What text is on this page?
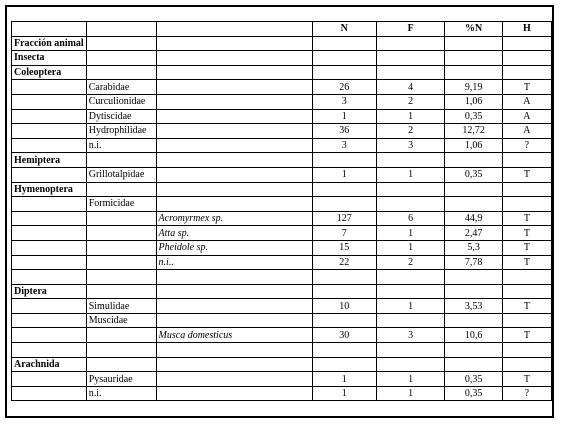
			N	F	%N	H
Fracción animal						
Insecta						
Coleoptera						
	Carabidae		26	4	9,19	T
	Curculionidae		3	2	1,06	A
	Dytiscidae		1	1	0,35	A
	Hydrophilidae		36	2	12,72	A
	n.i.		3	3	1,06	?
Hemiptera						
	Grillotalpidae		1	1	0,35	T
Hymenoptera						
	Formicidae					
		Acromyrmex sp.	127	6	44,9	T
		Atta sp.	7	1	2,47	T
		Pheidole sp.	15	1	5,3	T
		n.i..	22	2	7,78	T

Diptera						
	Simulidae		10	1	3,53	T
	Muscidae					
		Musca domesticus	30	3	10,6	T

Arachnida						
	Pysauridae		1	1	0,35	T
	n.i.		1	1	0,35	?
